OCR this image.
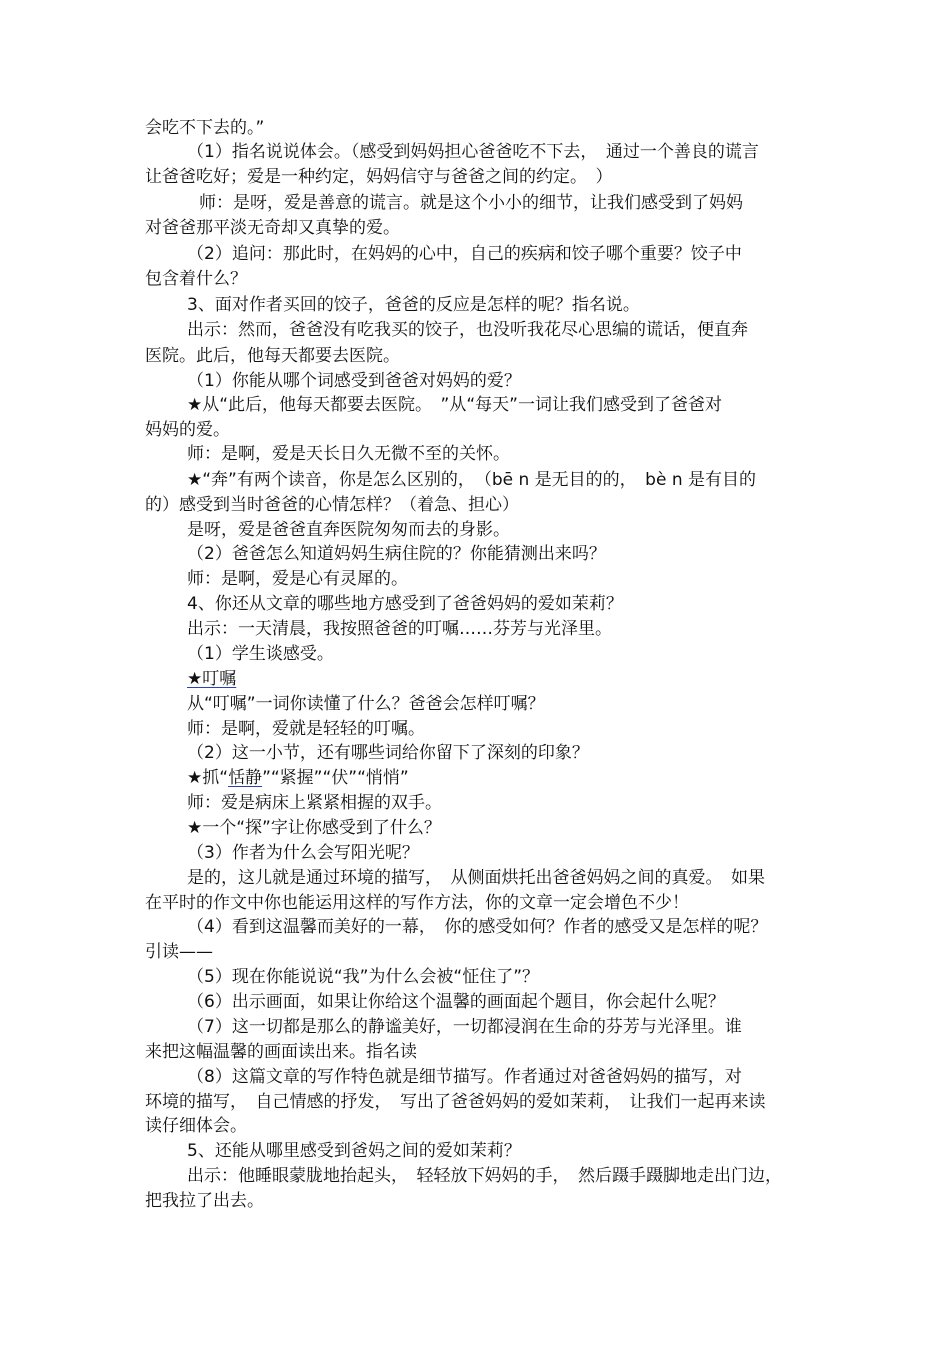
会吃不下去的。”
（1）指名说说体会。（感受到妈妈担心爸爸吃不下去，　通过一个善良的谎言
让爸爸吃好；爱是一种约定，妈妈信守与爸爸之间的约定。　）
师：是呀，爱是善意的谎言。就是这个小小的细节，让我们感受到了妈妈
对爸爸那平淡无奇却又真挚的爱。
（2）追问：那此时，在妈妈的心中，自己的疾病和饺子哪个重要？饺子中
包含着什么？
3、面对作者买回的饺子，爸爸的反应是怎样的呢？指名说。
出示：然而，爸爸没有吃我买的饺子，也没听我花尽心思编的谎话，便直奔
医院。此后，他每天都要去医院。
（1）你能从哪个词感受到爸爸对妈妈的爱？
★从“此后，他每天都要去医院。　”从“每天”一词让我们感受到了爸爸对
妈妈的爱。
师：是啊，爱是天长日久无微不至的关怀。
★“奔”有两个读音，你是怎么区别的，　（bē n 是无目的的，　bè n 是有目的
的）感受到当时爸爸的心情怎样？（着急、担心）
是呀，爱是爸爸直奔医院匆匆而去的身影。
（2）爸爸怎么知道妈妈生病住院的？你能猜测出来吗？
师：是啊，爱是心有灵犀的。
4、你还从文章的哪些地方感受到了爸爸妈妈的爱如茉莉？
出示：一天清晨，我按照爸爸的叮嘱……芬芳与光泽里。
（1）学生谈感受。
★叮嘱
从“叮嘱”一词你读懂了什么？爸爸会怎样叮嘱？
师：是啊，爱就是轻轻的叮嘱。
（2）这一小节，还有哪些词给你留下了深刻的印象？
★抓“恬静”“紧握”“伏”“悄悄”
师：爱是病床上紧紧相握的双手。
★一个“探”字让你感受到了什么？
（3）作者为什么会写阳光呢？
是的，这儿就是通过环境的描写，　从侧面烘托出爸爸妈妈之间的真爱。　如果
在平时的作文中你也能运用这样的写作方法，你的文章一定会增色不少！
（4）看到这温馨而美好的一幕，　你的感受如何？作者的感受又是怎样的呢？
引读——
（5）现在你能说说“我”为什么会被“怔住了”？
（6）出示画面，如果让你给这个温馨的画面起个题目，你会起什么呢？
（7）这一切都是那么的静谧美好，一切都浸润在生命的芬芳与光泽里。谁
来把这幅温馨的画面读出来。指名读
（8）这篇文章的写作特色就是细节描写。作者通过对爸爸妈妈的描写，对
环境的描写，　自己情感的抒发，　写出了爸爸妈妈的爱如茉莉，　让我们一起再来读
读仔细体会。
5、还能从哪里感受到爸妈之间的爱如茉莉？
出示：他睡眼蒙胧地抬起头，　轻轻放下妈妈的手，　然后蹑手蹑脚地走出门边，
把我拉了出去。
